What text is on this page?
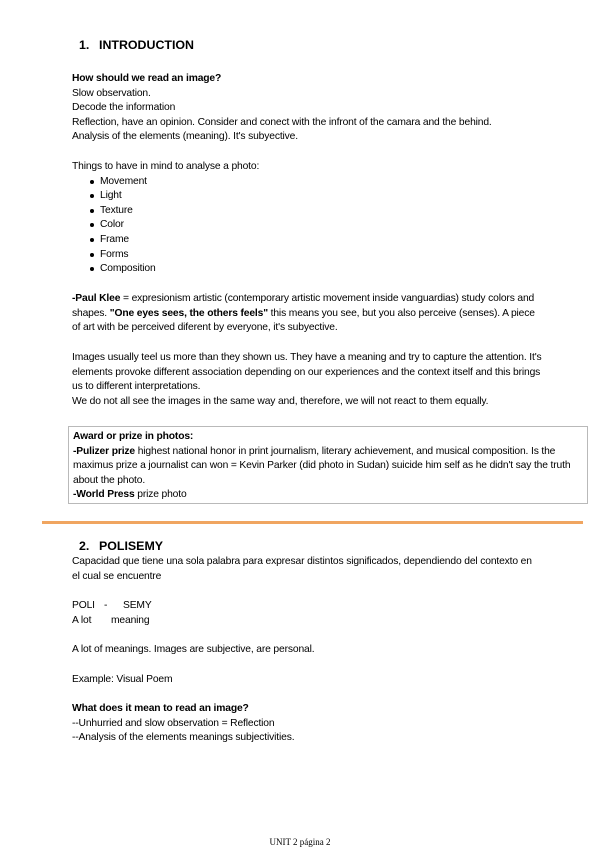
1. INTRODUCTION
How should we read an image?
Slow observation.
Decode the information
Reflection, have an opinion. Consider and conect with the infront of the camara and the behind.
Analysis of the elements (meaning). It's subyective.
Things to have in mind to analyse a photo:
Movement
Light
Texture
Color
Frame
Forms
Composition
-Paul Klee = expresionism artistic (contemporary artistic movement inside vanguardias) study colors and shapes. "One eyes sees, the others feels" this means you see, but you also perceive (senses). A piece of art with be perceived diferent by everyone, it's subyective.
Images usually teel us more than they shown us. They have a meaning and try to capture the attention. It's elements provoke different association depending on our experiences and the context itself and this brings us to different interpretations.
We do not all see the images in the same way and, therefore, we will not react to them equally.
Award or prize in photos:
-Pulizer prize highest national honor in print journalism, literary achievement, and musical composition. Is the maximus prize a journalist can won = Kevin Parker (did photo in Sudan) suicide him self as he didn't say the truth about the photo.
-World Press prize photo
2. POLISEMY
Capacidad que tiene una sola palabra para expresar distintos significados, dependiendo del contexto en el cual se encuentre
POLI - SEMY
A lot meaning
A lot of meanings. Images are subjective, are personal.
Example: Visual Poem
What does it mean to read an image?
--Unhurried and slow observation = Reflection
--Analysis of the elements meanings subjectivities.
UNIT 2 página 2
